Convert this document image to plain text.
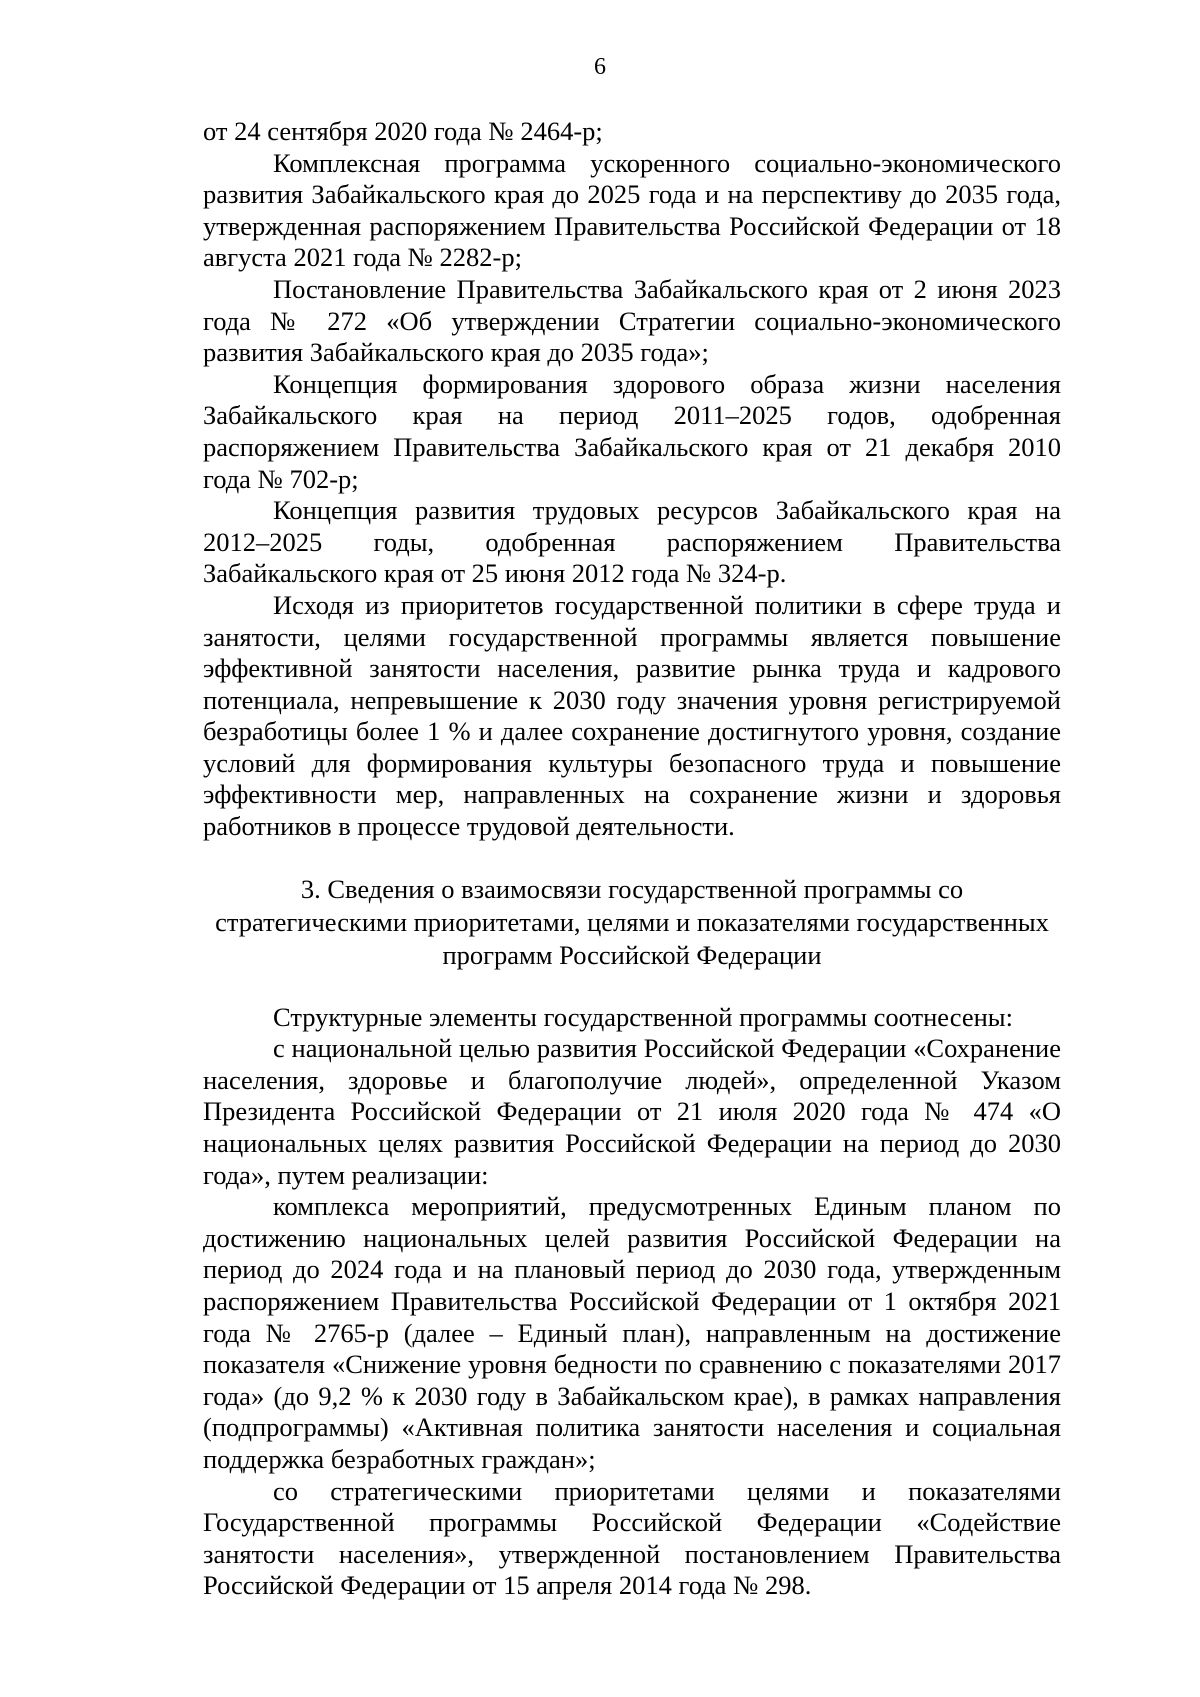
6

от 24 сентября 2020 года № 2464-р;

Комплексная программа ускоренного социально-экономического развития Забайкальского края до 2025 года и на перспективу до 2035 года, утвержденная распоряжением Правительства Российской Федерации от 18 августа 2021 года № 2282-р;

Постановление Правительства Забайкальского края от 2 июня 2023 года № 272 «Об утверждении Стратегии социально-экономического развития Забайкальского края до 2035 года»;

Концепция формирования здорового образа жизни населения Забайкальского края на период 2011–2025 годов, одобренная распоряжением Правительства Забайкальского края от 21 декабря 2010 года № 702-р;

Концепция развития трудовых ресурсов Забайкальского края на 2012–2025 годы, одобренная распоряжением Правительства Забайкальского края от 25 июня 2012 года № 324-р.

Исходя из приоритетов государственной политики в сфере труда и занятости, целями государственной программы является повышение эффективной занятости населения, развитие рынка труда и кадрового потенциала, непревышение к 2030 году значения уровня регистрируемой безработицы более 1 % и далее сохранение достигнутого уровня, создание условий для формирования культуры безопасного труда и повышение эффективности мер, направленных на сохранение жизни и здоровья работников в процессе трудовой деятельности.

3. Сведения о взаимосвязи государственной программы со
стратегическими приоритетами, целями и показателями государственных
программ Российской Федерации

Структурные элементы государственной программы соотнесены:

с национальной целью развития Российской Федерации «Сохранение населения, здоровье и благополучие людей», определенной Указом Президента Российской Федерации от 21 июля 2020 года № 474 «О национальных целях развития Российской Федерации на период до 2030 года», путем реализации:

комплекса мероприятий, предусмотренных Единым планом по достижению национальных целей развития Российской Федерации на период до 2024 года и на плановый период до 2030 года, утвержденным распоряжением Правительства Российской Федерации от 1 октября 2021 года № 2765-р (далее – Единый план), направленным на достижение показателя «Снижение уровня бедности по сравнению с показателями 2017 года» (до 9,2 % к 2030 году в Забайкальском крае), в рамках направления (подпрограммы) «Активная политика занятости населения и социальная поддержка безработных граждан»;

со стратегическими приоритетами целями и показателями Государственной программы Российской Федерации «Содействие занятости населения», утвержденной постановлением Правительства Российской Федерации от 15 апреля 2014 года № 298.
